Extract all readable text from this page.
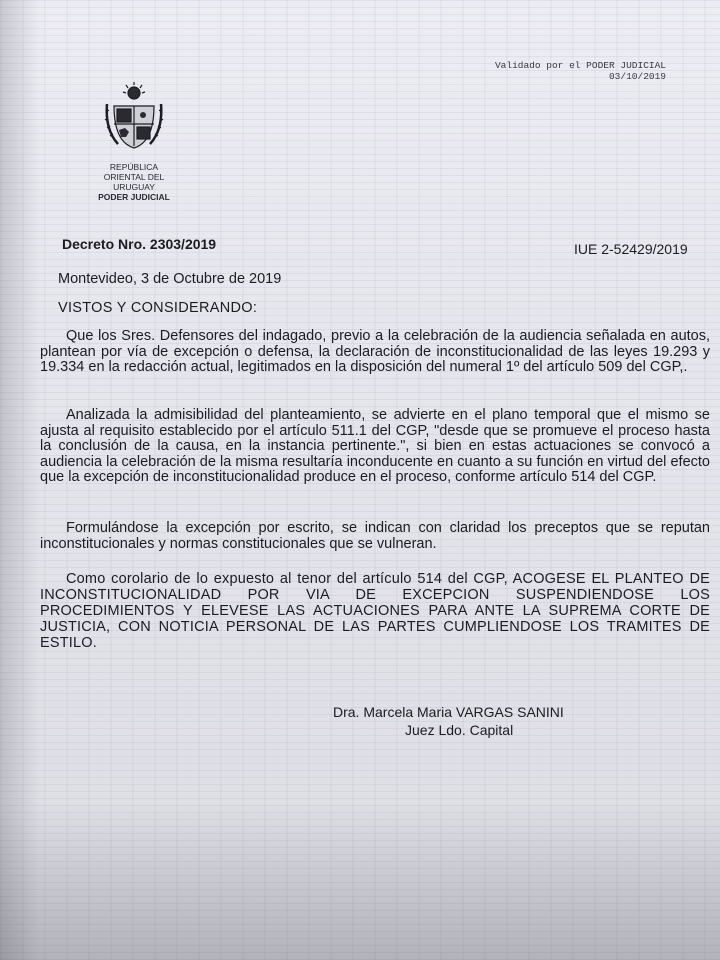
Validado por el PODER JUDICIAL
03/10/2019
REPÚBLICA
ORIENTAL DEL
URUGUAY
PODER JUDICIAL
Decreto Nro. 2303/2019	IUE 2-52429/2019
Montevideo, 3 de Octubre de 2019
VISTOS Y CONSIDERANDO:
Que los Sres. Defensores del indagado, previo a la celebración de la audiencia señalada en autos, plantean por vía de excepción o defensa, la declaración de inconstitucionalidad de las leyes 19.293 y 19.334 en la redacción actual, legitimados en la disposición del numeral 1º del artículo 509 del CGP,.
Analizada la admisibilidad del planteamiento, se advierte en el plano temporal que el mismo se ajusta al requisito establecido por el artículo 511.1 del CGP, "desde que se promueve el proceso hasta la conclusión de la causa, en la instancia pertinente.", si bien en estas actuaciones se convocó a audiencia la celebración de la misma resultaría inconducente en cuanto a su función en virtud del efecto que la excepción de inconstitucionalidad produce en el proceso, conforme artículo 514 del CGP.
Formulándose la excepción por escrito, se indican con claridad los preceptos que se reputan inconstitucionales y normas constitucionales que se vulneran.
Como corolario de lo expuesto al tenor del artículo 514 del CGP, ACOGESE EL PLANTEO DE INCONSTITUCIONALIDAD POR VIA DE EXCEPCION SUSPENDIENDOSE LOS PROCEDIMIENTOS Y ELEVESE LAS ACTUACIONES PARA ANTE LA SUPREMA CORTE DE JUSTICIA, CON NOTICIA PERSONAL DE LAS PARTES CUMPLIENDOSE LOS TRAMITES DE ESTILO.
Dra. Marcela Maria VARGAS SANINI
Juez Ldo. Capital
